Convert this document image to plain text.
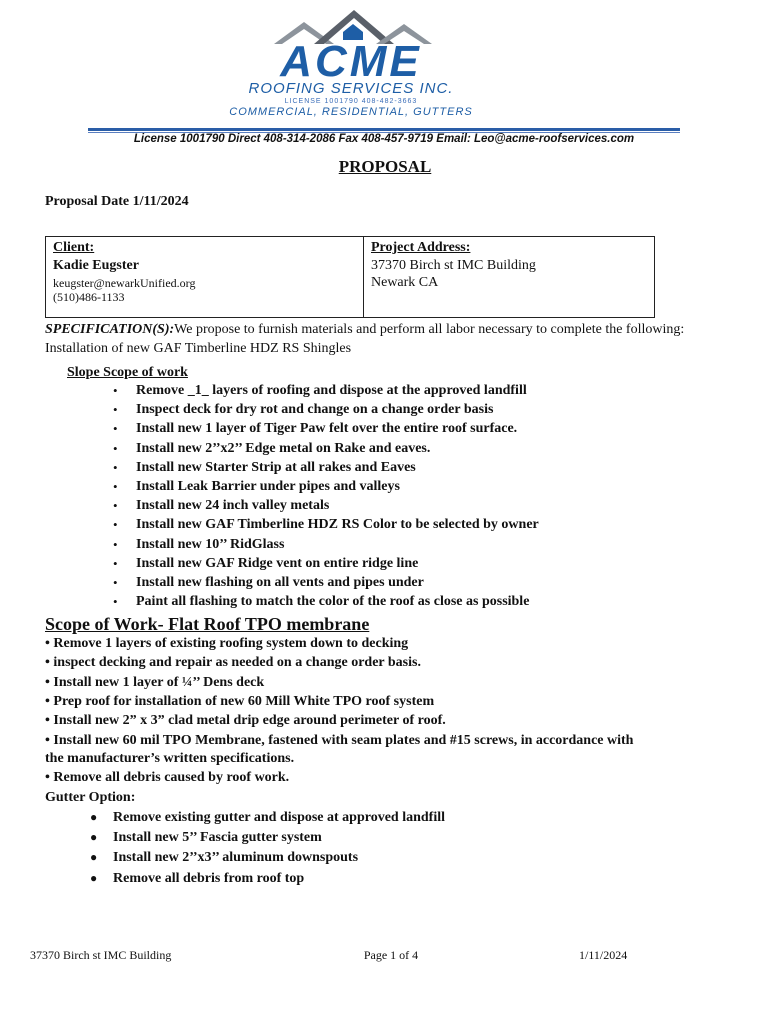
ACME
ROOFING SERVICES INC.
LICENSE 1001790 408-482-3663
COMMERCIAL, RESIDENTIAL, GUTTERS
License 1001790 Direct 408-314-2086 Fax 408-457-9719 Email: Leo@acme-roofservices.com
PROPOSAL
Proposal Date 1/11/2024
Client:
Kadie Eugster
keugster@newarkUnified.org
(510)486-1133
Project Address:
37370 Birch st IMC Building
Newark CA
SPECIFICATION(S):We propose to furnish materials and perform all labor necessary to complete the following: Installation of new GAF Timberline HDZ RS Shingles
Slope Scope of work
• Remove _1_ layers of roofing and dispose at the approved landfill
• Inspect deck for dry rot and change on a change order basis
• Install new 1 layer of Tiger Paw felt over the entire roof surface.
• Install new 2’’x2’’ Edge metal on Rake and eaves.
• Install new Starter Strip at all rakes and Eaves
• Install Leak Barrier under pipes and valleys
• Install new 24 inch valley metals
• Install new GAF Timberline HDZ RS Color to be selected by owner
• Install new 10’’ RidGlass
• Install new GAF Ridge vent on entire ridge line
• Install new flashing on all vents and pipes under
• Paint all flashing to match the color of the roof as close as possible
Scope of Work- Flat Roof TPO membrane
• Remove 1 layers of existing roofing system down to decking
• inspect decking and repair as needed on a change order basis.
• Install new 1 layer of ¼’’ Dens deck
• Prep roof for installation of new 60 Mill White TPO roof system
• Install new 2” x 3” clad metal drip edge around perimeter of roof.
• Install new 60 mil TPO Membrane, fastened with seam plates and #15 screws, in accordance with
the manufacturer’s written specifications.
• Remove all debris caused by roof work.
Gutter Option:
● Remove existing gutter and dispose at approved landfill
● Install new 5’’ Fascia gutter system
● Install new 2’’x3’’ aluminum downspouts
● Remove all debris from roof top
37370 Birch st IMC Building	Page 1 of 4	1/11/2024
